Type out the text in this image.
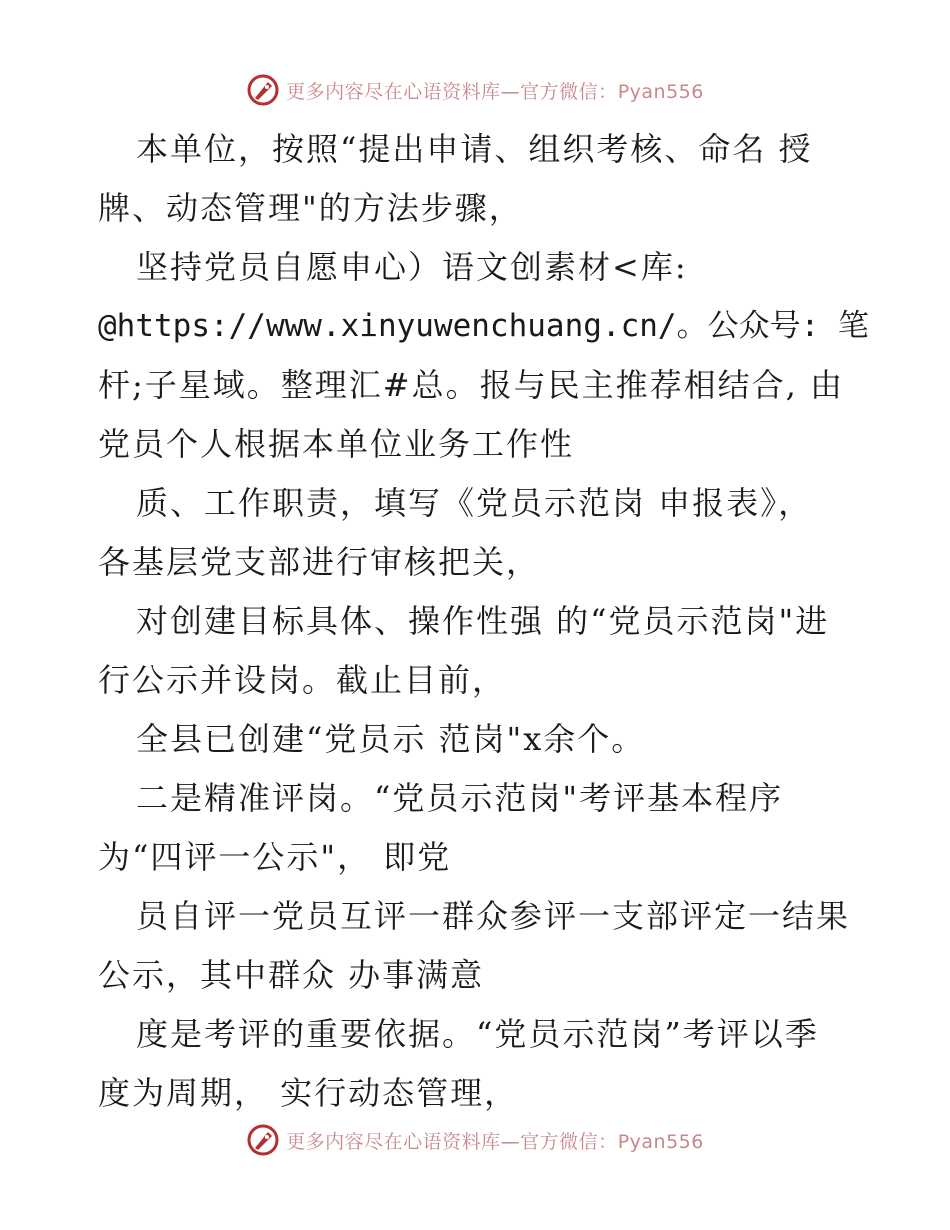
更多内容尽在心语资料库—官方微信：Pyan556
本单位，按照“提出申请、组织考核、命名 授
牌、动态管理"的方法步骤，
坚持党员自愿申心）语文创素材<库:
@https://www.xinyuwenchuang.cn/。公众号: 笔
杆;子星域。整理汇#总。报与民主推荐相结合, 由
党员个人根据本单位业务工作性
质、工作职责，填写《党员示范岗 申报表》，
各基层党支部进行审核把关，
对创建目标具体、操作性强 的“党员示范岗"进
行公示并设岗。截止目前，
全县已创建“党员示 范岗"x余个。
二是精准评岗。“党员示范岗"考评基本程序
为“四评一公示"， 即党
员自评一党员互评一群众参评一支部评定一结果
公示，其中群众 办事满意
度是考评的重要依据。“党员示范岗”考评以季
度为周期， 实行动态管理，
更多内容尽在心语资料库—官方微信：Pyan556
